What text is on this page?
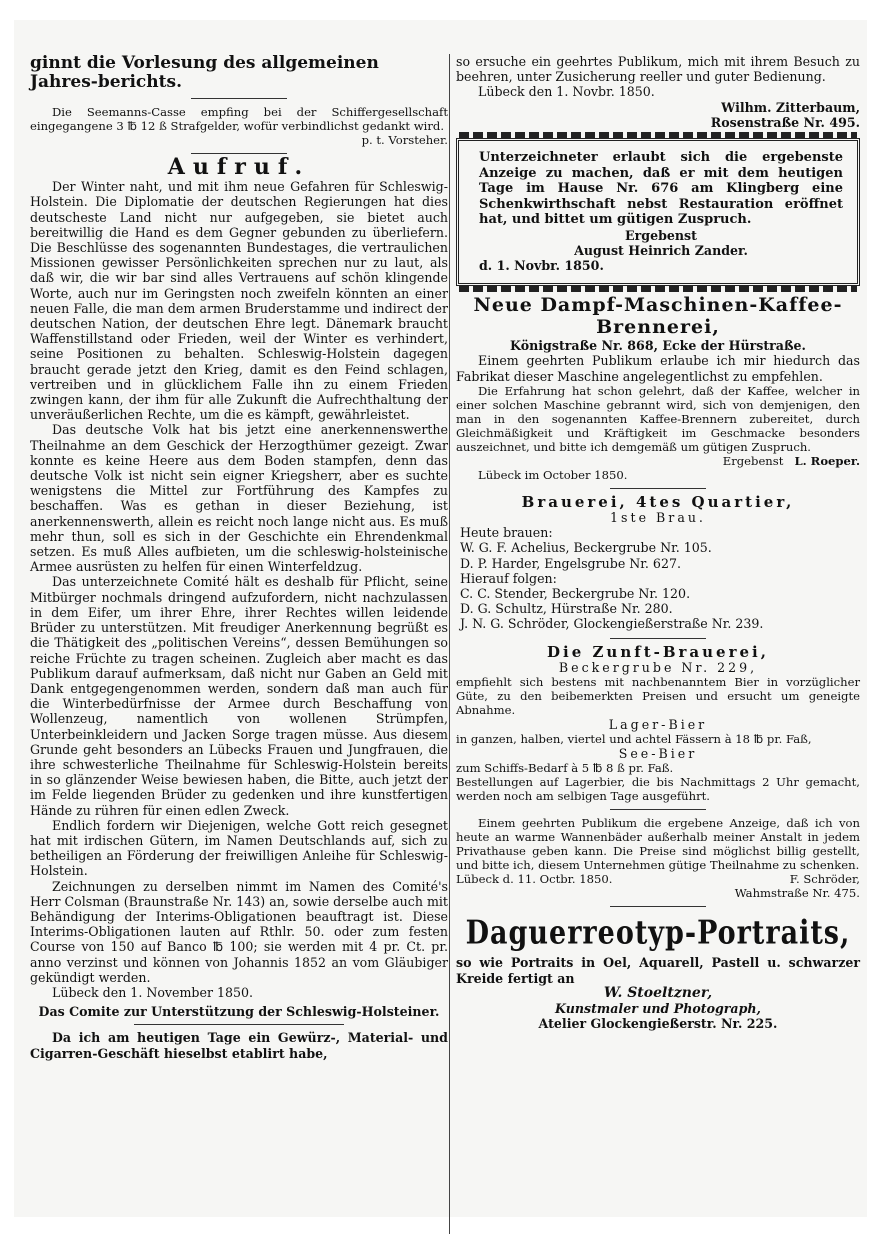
ginnt die Vorlesung des allgemeinen Jahres-berichts.

Die Seemanns-Casse empfing bei der Schiffergesellschaft eingegangene 3 ℔ 12 ß Strafgelder, wofür verbindlichst gedankt wird.

p. t. Vorsteher.

Aufruf.

Der Winter naht, und mit ihm neue Gefahren für Schleswig-Holstein. Die Diplomatie der deutschen Regierungen hat dies deutscheste Land nicht nur aufgegeben, sie bietet auch bereitwillig die Hand es dem Gegner gebunden zu überliefern. Die Beschlüsse des sogenannten Bundestages, die vertraulichen Missionen gewisser Persönlichkeiten sprechen nur zu laut, als daß wir, die wir bar sind alles Vertrauens auf schön klingende Worte, auch nur im Geringsten noch zweifeln könnten an einer neuen Falle, die man dem armen Bruderstamme und indirect der deutschen Nation, der deutschen Ehre legt. Dänemark braucht Waffenstillstand oder Frieden, weil der Winter es verhindert, seine Positionen zu behalten. Schleswig-Holstein dagegen braucht gerade jetzt den Krieg, damit es den Feind schlagen, vertreiben und in glücklichem Falle ihn zu einem Frieden zwingen kann, der ihm für alle Zukunft die Aufrechthaltung der unveräußerlichen Rechte, um die es kämpft, gewährleistet.

Das deutsche Volk hat bis jetzt eine anerkennenswerthe Theilnahme an dem Geschick der Herzogthümer gezeigt. Zwar konnte es keine Heere aus dem Boden stampfen, denn das deutsche Volk ist nicht sein eigner Kriegsherr, aber es suchte wenigstens die Mittel zur Fortführung des Kampfes zu beschaffen. Was es gethan in dieser Beziehung, ist anerkennenswerth, allein es reicht noch lange nicht aus. Es muß mehr thun, soll es sich in der Geschichte ein Ehrendenkmal setzen. Es muß Alles aufbieten, um die schleswig-holsteinische Armee ausrüsten zu helfen für einen Winterfeldzug.

Das unterzeichnete Comité hält es deshalb für Pflicht, seine Mitbürger nochmals dringend aufzufordern, nicht nachzulassen in dem Eifer, um ihrer Ehre, ihrer Rechtes willen leidende Brüder zu unterstützen. Mit freudiger Anerkennung begrüßt es die Thätigkeit des „politischen Vereins“, dessen Bemühungen so reiche Früchte zu tragen scheinen. Zugleich aber macht es das Publikum darauf aufmerksam, daß nicht nur Gaben an Geld mit Dank entgegengenommen werden, sondern daß man auch für die Winterbedürfnisse der Armee durch Beschaffung von Wollenzeug, namentlich von wollenen Strümpfen, Unterbeinkleidern und Jacken Sorge tragen müsse. Aus diesem Grunde geht besonders an Lübecks Frauen und Jungfrauen, die ihre schwesterliche Theilnahme für Schleswig-Holstein bereits in so glänzender Weise bewiesen haben, die Bitte, auch jetzt der im Felde liegenden Brüder zu gedenken und ihre kunstfertigen Hände zu rühren für einen edlen Zweck.

Endlich fordern wir Diejenigen, welche Gott reich gesegnet hat mit irdischen Gütern, im Namen Deutschlands auf, sich zu betheiligen an Förderung der freiwilligen Anleihe für Schleswig-Holstein.

Zeichnungen zu derselben nimmt im Namen des Comité's Herr Colsman (Braunstraße Nr. 143) an, sowie derselbe auch mit Behändigung der Interims-Obligationen beauftragt ist. Diese Interims-Obligationen lauten auf Rthlr. 50. oder zum festen Course von 150 auf Banco ℔ 100; sie werden mit 4 pr. Ct. pr. anno verzinst und können von Johannis 1852 an vom Gläubiger gekündigt werden.

Lübeck den 1. November 1850.

Das Comite zur Unterstützung der Schleswig-Holsteiner.

Da ich am heutigen Tage ein Gewürz-, Material- und Cigarren-Geschäft hieselbst etablirt habe,

so ersuche ein geehrtes Publikum, mich mit ihrem Besuch zu beehren, unter Zusicherung reeller und guter Bedienung.

Lübeck den 1. Novbr. 1850.

Wilhm. Zitterbaum,

Rosenstraße Nr. 495.

Unterzeichneter erlaubt sich die ergebenste Anzeige zu machen, daß er mit dem heutigen Tage im Hause Nr. 676 am Klingberg eine Schenkwirthschaft nebst Restauration eröffnet hat, und bittet um gütigen Zuspruch.

Ergebenst

August Heinrich Zander.

d. 1. Novbr. 1850.

Neue Dampf-Maschinen-Kaffee-Brennerei,

Königstraße Nr. 868, Ecke der Hürstraße.

Einem geehrten Publikum erlaube ich mir hiedurch das Fabrikat dieser Maschine angelegentlichst zu empfehlen.

Die Erfahrung hat schon gelehrt, daß der Kaffee, welcher in einer solchen Maschine gebrannt wird, sich von demjenigen, den man in den sogenannten Kaffee-Brennern zubereitet, durch Gleichmäßigkeit und Kräftigkeit im Geschmacke besonders auszeichnet, und bitte ich demgemäß um gütigen Zuspruch.

Ergebenst L. Roeper.

Lübeck im October 1850.

Brauerei, 4tes Quartier,

1ste Brau.

Heute brauen:

W. G. F. Achelius, Beckergrube Nr. 105.

D. P. Harder, Engelsgrube Nr. 627.

Hierauf folgen:

C. C. Stender, Beckergrube Nr. 120.

D. G. Schultz, Hürstraße Nr. 280.

J. N. G. Schröder, Glockengießerstraße Nr. 239.

Die Zunft-Brauerei,

Beckergrube Nr. 229,

empfiehlt sich bestens mit nachbenanntem Bier in vorzüglicher Güte, zu den beibemerkten Preisen und ersucht um geneigte Abnahme.

Lager-Bier

in ganzen, halben, viertel und achtel Fässern à 18 ℔ pr. Faß,

See-Bier

zum Schiffs-Bedarf à 5 ℔ 8 ß pr. Faß.

Bestellungen auf Lagerbier, die bis Nachmittags 2 Uhr gemacht, werden noch am selbigen Tage ausgeführt.

Einem geehrten Publikum die ergebene Anzeige, daß ich von heute an warme Wannenbäder außerhalb meiner Anstalt in jedem Privathause geben kann. Die Preise sind möglichst billig gestellt, und bitte ich, diesem Unternehmen gütige Theilnahme zu schenken.

Lübeck d. 11. Octbr. 1850.	F. Schröder,

Wahmstraße Nr. 475.

Daguerreotyp-Portraits,

so wie Portraits in Oel, Aquarell, Pastell u. schwarzer Kreide fertigt an

W. Stoeltzner,

Kunstmaler und Photograph,

Atelier Glockengießerstr. Nr. 225.
